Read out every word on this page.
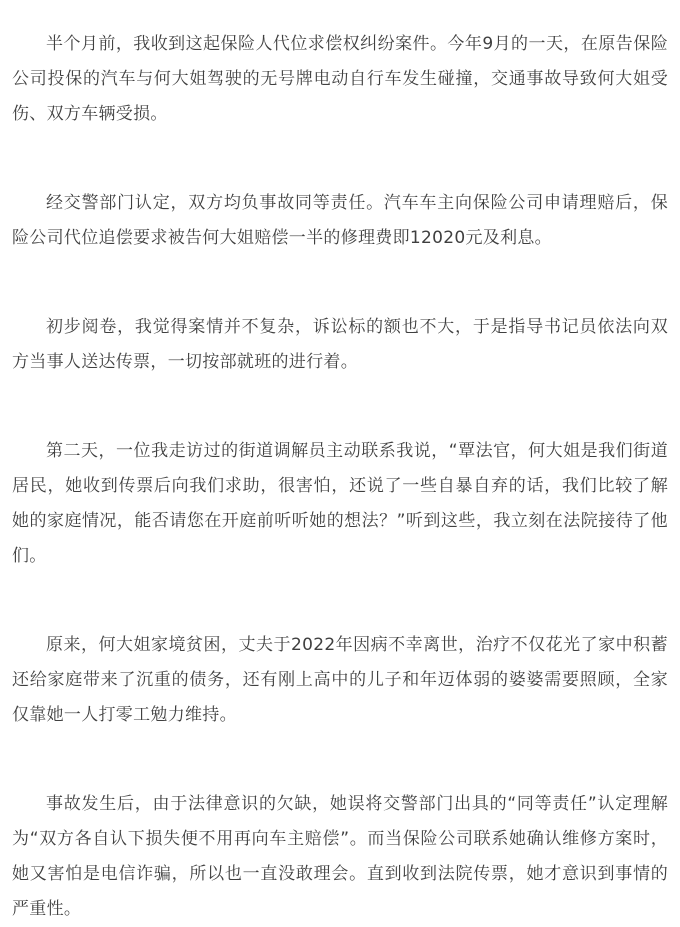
半个月前，我收到这起保险人代位求偿权纠纷案件。今年9月的一天，在原告保险公司投保的汽车与何大姐驾驶的无号牌电动自行车发生碰撞，交通事故导致何大姐受伤、双方车辆受损。

经交警部门认定，双方均负事故同等责任。汽车车主向保险公司申请理赔后，保险公司代位追偿要求被告何大姐赔偿一半的修理费即12020元及利息。

初步阅卷，我觉得案情并不复杂，诉讼标的额也不大，于是指导书记员依法向双方当事人送达传票，一切按部就班的进行着。

第二天，一位我走访过的街道调解员主动联系我说，“覃法官，何大姐是我们街道居民，她收到传票后向我们求助，很害怕，还说了一些自暴自弃的话，我们比较了解她的家庭情况，能否请您在开庭前听听她的想法？”听到这些，我立刻在法院接待了他们。

原来，何大姐家境贫困，丈夫于2022年因病不幸离世，治疗不仅花光了家中积蓄还给家庭带来了沉重的债务，还有刚上高中的儿子和年迈体弱的婆婆需要照顾，全家仅靠她一人打零工勉力维持。

事故发生后，由于法律意识的欠缺，她误将交警部门出具的“同等责任”认定理解为“双方各自认下损失便不用再向车主赔偿”。而当保险公司联系她确认维修方案时，她又害怕是电信诈骗，所以也一直没敢理会。直到收到法院传票，她才意识到事情的严重性。
